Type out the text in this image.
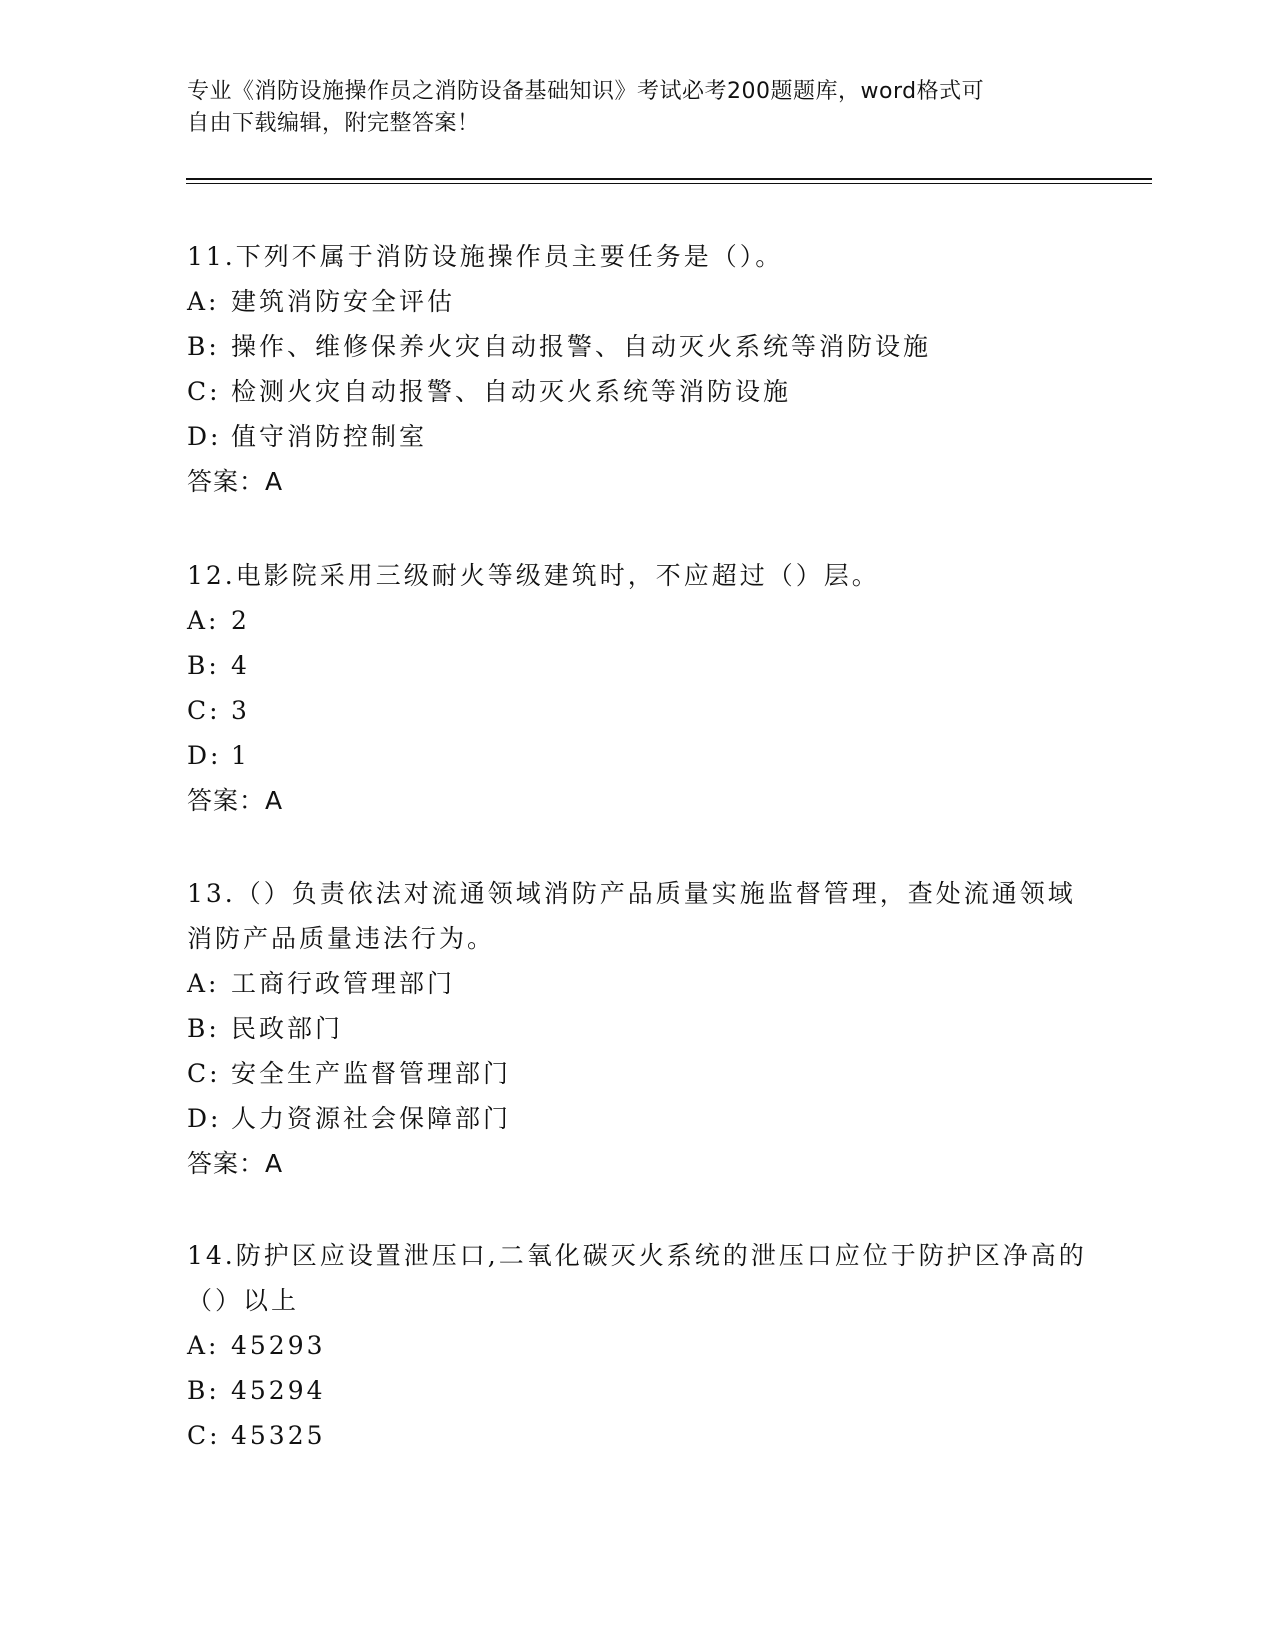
专业《消防设施操作员之消防设备基础知识》考试必考200题题库，word格式可
自由下载编辑，附完整答案！
11.下列不属于消防设施操作员主要任务是（）。
A: 建筑消防安全评估
B: 操作、维修保养火灾自动报警、自动灭火系统等消防设施
C: 检测火灾自动报警、自动灭火系统等消防设施
D: 值守消防控制室
答案：A
12.电影院采用三级耐火等级建筑时，不应超过（）层。
A: 2
B: 4
C: 3
D: 1
答案：A
13.（）负责依法对流通领域消防产品质量实施监督管理，查处流通领域消防产品质量违法行为。
A: 工商行政管理部门
B: 民政部门
C: 安全生产监督管理部门
D: 人力资源社会保障部门
答案：A
14.防护区应设置泄压口,二氧化碳灭火系统的泄压口应位于防护区净高的（）以上
A: 45293
B: 45294
C: 45325
